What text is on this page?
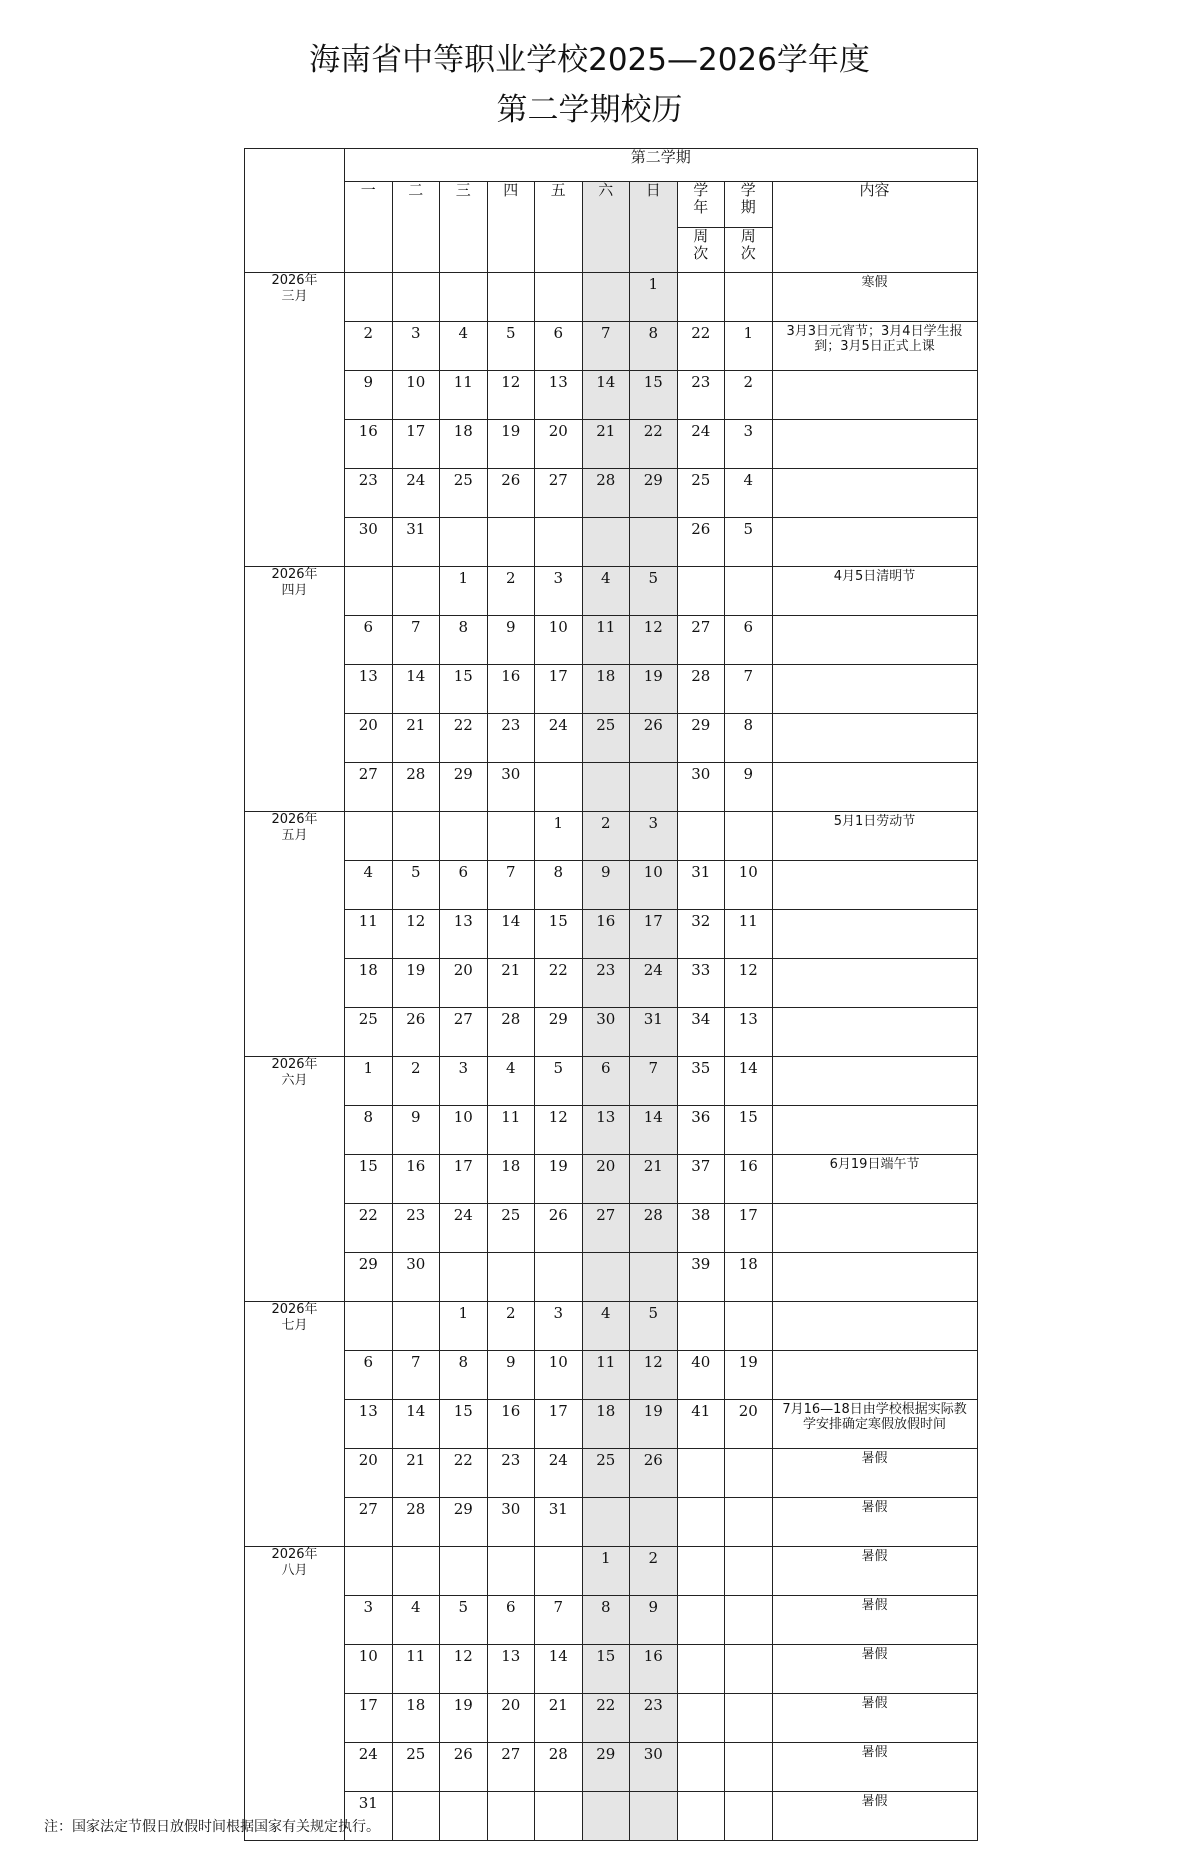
海南省中等职业学校2025—2026学年度
第二学期校历
	第二学期									
	一	二	三	四	五	六	日	学年	学期	内容
								周次	周次	

2026年
三月							1			寒假
	2	3	4	5	6	7	8	22	1	3月3日元宵节；3月4日学生报到；3月5日正式上课
	9	10	11	12	13	14	15	23	2	
	16	17	18	19	20	21	22	24	3	
	23	24	25	26	27	28	29	25	4	
	30	31						26	5	

2026年
四月			1	2	3	4	5			4月5日清明节
	6	7	8	9	10	11	12	27	6	
	13	14	15	16	17	18	19	28	7	
	20	21	22	23	24	25	26	29	8	
	27	28	29	30				30	9	

2026年
五月					1	2	3			5月1日劳动节
	4	5	6	7	8	9	10	31	10	
	11	12	13	14	15	16	17	32	11	
	18	19	20	21	22	23	24	33	12	
	25	26	27	28	29	30	31	34	13	

2026年
六月	1	2	3	4	5	6	7	35	14	
	8	9	10	11	12	13	14	36	15	
	15	16	17	18	19	20	21	37	16	6月19日端午节
	22	23	24	25	26	27	28	38	17	
	29	30						39	18	

2026年
七月			1	2	3	4	5			
	6	7	8	9	10	11	12	40	19	
	13	14	15	16	17	18	19	41	20	7月16—18日由学校根据实际教学安排确定寒假放假时间
	20	21	22	23	24	25	26			暑假
	27	28	29	30	31					暑假

2026年
八月						1	2			暑假
	3	4	5	6	7	8	9			暑假
	10	11	12	13	14	15	16			暑假
	17	18	19	20	21	22	23			暑假
	24	25	26	27	28	29	30			暑假
	31									暑假
注：国家法定节假日放假时间根据国家有关规定执行。
